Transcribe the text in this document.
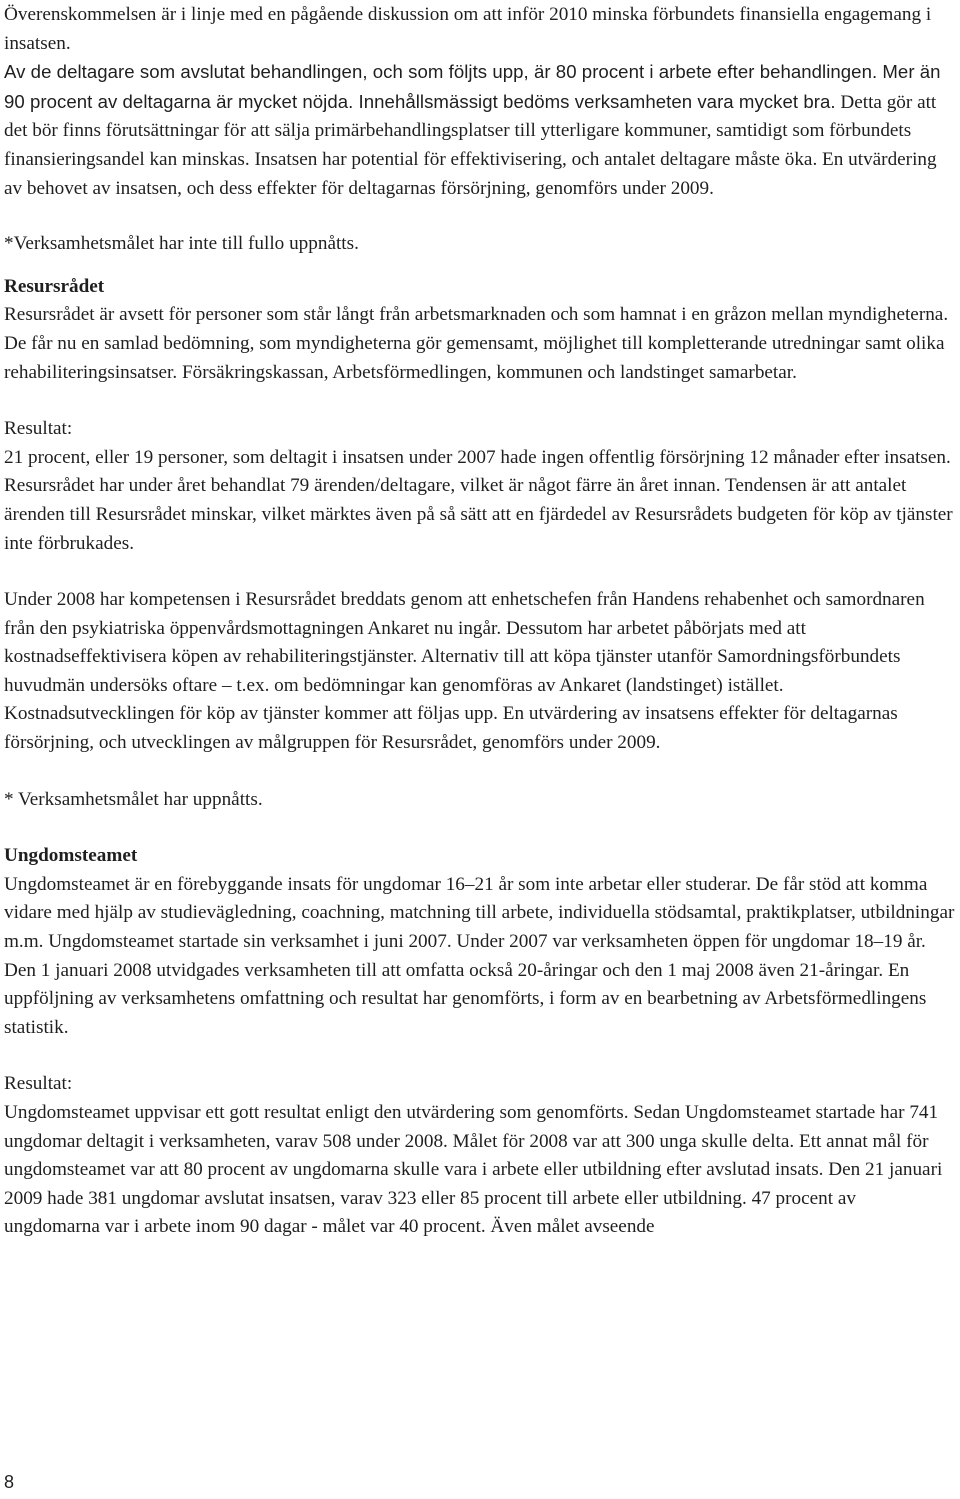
Överenskommelsen är i linje med en pågående diskussion om att inför 2010 minska förbundets finansiella engagemang i insatsen.
Av de deltagare som avslutat behandlingen, och som följts upp, är 80 procent i arbete efter behandlingen. Mer än 90 procent av deltagarna är mycket nöjda. Innehållsmässigt bedöms verksamheten vara mycket bra. Detta gör att det bör finns förutsättningar för att sälja primärbehandlingsplatser till ytterligare kommuner, samtidigt som förbundets finansieringsandel kan minskas. Insatsen har potential för effektivisering, och antalet deltagare måste öka. En utvärdering av behovet av insatsen, och dess effekter för deltagarnas försörjning, genomförs under 2009.

*Verksamhetsmålet har inte till fullo uppnåtts.

Resursrådet

Resursrådet är avsett för personer som står långt från arbetsmarknaden och som hamnat i en gråzon mellan myndigheterna. De får nu en samlad bedömning, som myndigheterna gör gemensamt, möjlighet till kompletterande utredningar samt olika rehabiliteringsinsatser. Försäkringskassan, Arbetsförmedlingen, kommunen och landstinget samarbetar.

Resultat:

21 procent, eller 19 personer, som deltagit i insatsen under 2007 hade ingen offentlig försörjning 12 månader efter insatsen. Resursrådet har under året behandlat 79 ärenden/deltagare, vilket är något färre än året innan. Tendensen är att antalet ärenden till Resursrådet minskar, vilket märktes även på så sätt att en fjärdedel av Resursrådets budgeten för köp av tjänster inte förbrukades.

Under 2008 har kompetensen i Resursrådet breddats genom att enhetschefen från Handens rehabenhet och samordnaren från den psykiatriska öppenvårdsmottagningen Ankaret nu ingår. Dessutom har arbetet påbörjats med att kostnadseffektivisera köpen av rehabiliteringstjänster. Alternativ till att köpa tjänster utanför Samordningsförbundets huvudmän undersöks oftare – t.ex. om bedömningar kan genomföras av Ankaret (landstinget) istället. Kostnadsutvecklingen för köp av tjänster kommer att följas upp. En utvärdering av insatsens effekter för deltagarnas försörjning, och utvecklingen av målgruppen för Resursrådet, genomförs under 2009.

* Verksamhetsmålet har uppnåtts.

Ungdomsteamet

Ungdomsteamet är en förebyggande insats för ungdomar 16–21 år som inte arbetar eller studerar. De får stöd att komma vidare med hjälp av studievägledning, coachning, matchning till arbete, individuella stödsamtal, praktikplatser, utbildningar m.m. Ungdomsteamet startade sin verksamhet i juni 2007. Under 2007 var verksamheten öppen för ungdomar 18–19 år. Den 1 januari 2008 utvidgades verksamheten till att omfatta också 20-åringar och den 1 maj 2008 även 21-åringar. En uppföljning av verksamhetens omfattning och resultat har genomförts, i form av en bearbetning av Arbetsförmedlingens statistik.

Resultat:

Ungdomsteamet uppvisar ett gott resultat enligt den utvärdering som genomförts. Sedan Ungdomsteamet startade har 741 ungdomar deltagit i verksamheten, varav 508 under 2008. Målet för 2008 var att 300 unga skulle delta. Ett annat mål för ungdomsteamet var att 80 procent av ungdomarna skulle vara i arbete eller utbildning efter avslutad insats. Den 21 januari 2009 hade 381 ungdomar avslutat insatsen, varav 323 eller 85 procent till arbete eller utbildning. 47 procent av ungdomarna var i arbete inom 90 dagar - målet var 40 procent. Även målet avseende

8
